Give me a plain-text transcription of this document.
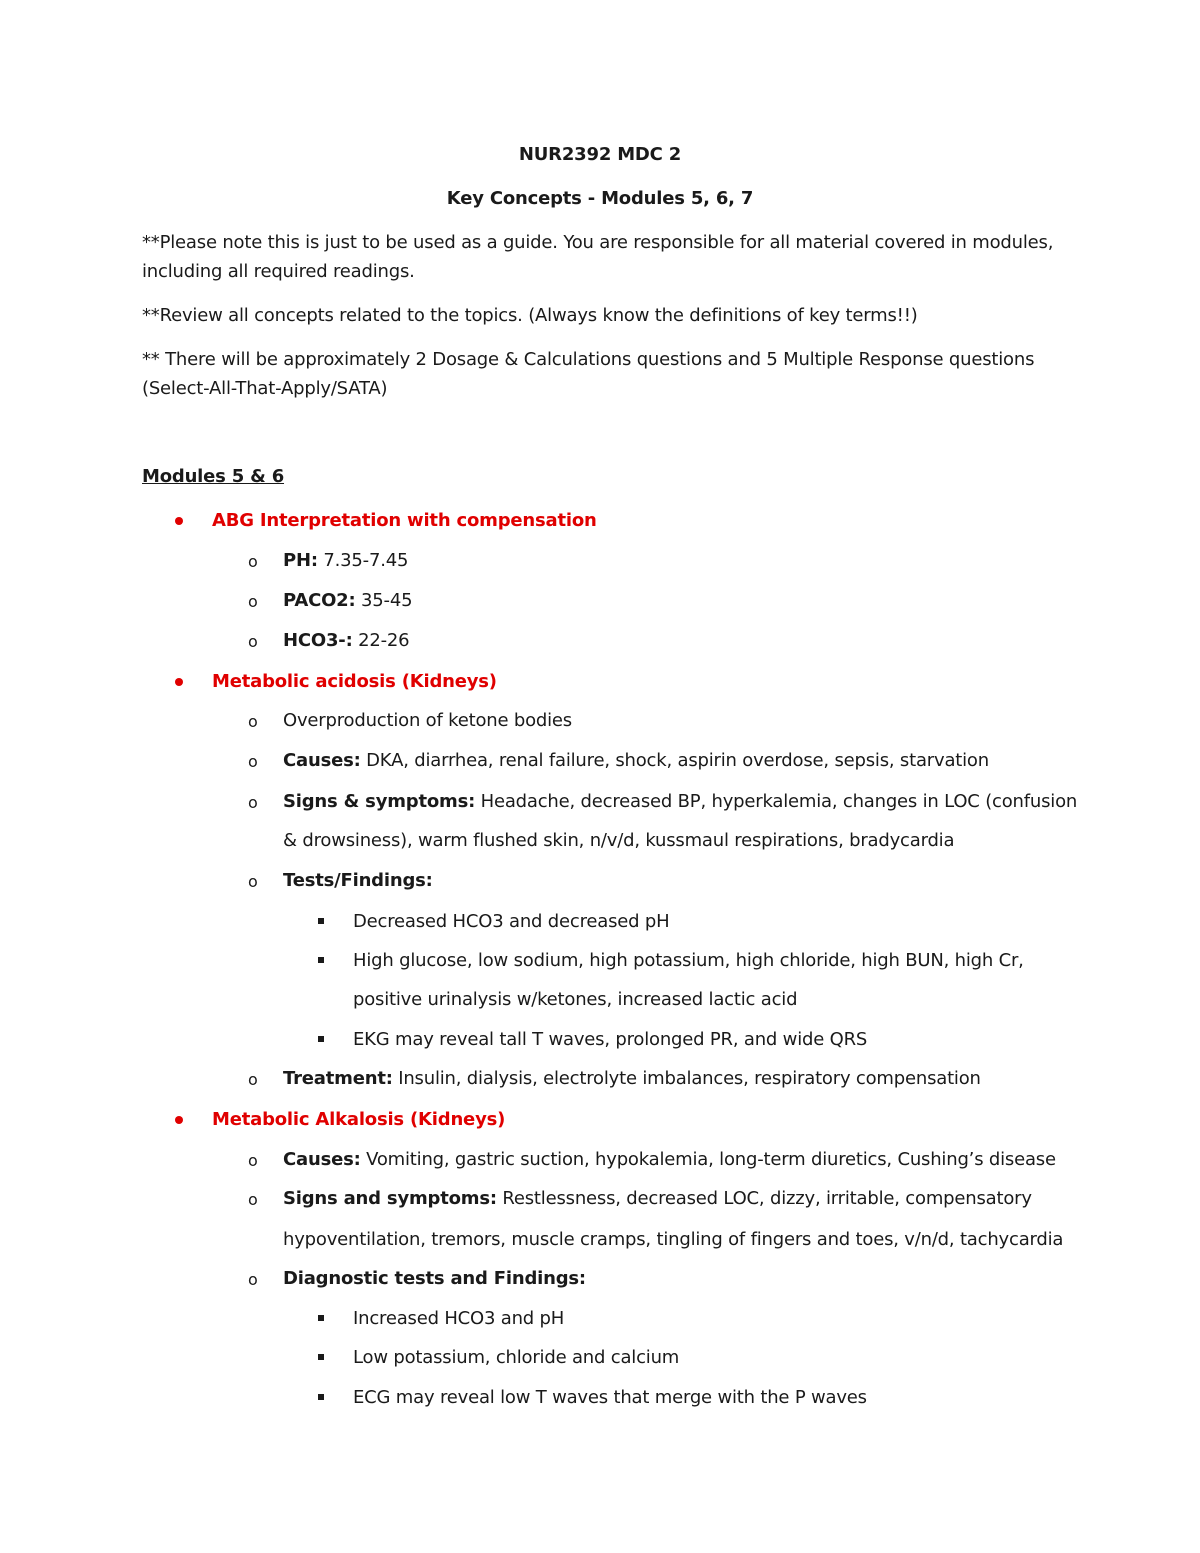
NUR2392 MDC 2
Key Concepts - Modules 5, 6, 7
**Please note this is just to be used as a guide. You are responsible for all material covered in modules,
including all required readings.
**Review all concepts related to the topics. (Always know the definitions of key terms!!)
** There will be approximately 2 Dosage & Calculations questions and 5 Multiple Response questions
(Select-All-That-Apply/SATA)
Modules 5 & 6
ABG Interpretation with compensation
o PH: 7.35-7.45
o PACO2: 35-45
o HCO3-: 22-26
Metabolic acidosis (Kidneys)
o Overproduction of ketone bodies
o Causes: DKA, diarrhea, renal failure, shock, aspirin overdose, sepsis, starvation
o Signs & symptoms: Headache, decreased BP, hyperkalemia, changes in LOC (confusion
& drowsiness), warm flushed skin, n/v/d, kussmaul respirations, bradycardia
o Tests/Findings:
Decreased HCO3 and decreased pH
High glucose, low sodium, high potassium, high chloride, high BUN, high Cr,
positive urinalysis w/ketones, increased lactic acid
EKG may reveal tall T waves, prolonged PR, and wide QRS
o Treatment: Insulin, dialysis, electrolyte imbalances, respiratory compensation
Metabolic Alkalosis (Kidneys)
o Causes: Vomiting, gastric suction, hypokalemia, long-term diuretics, Cushing’s disease
o Signs and symptoms: Restlessness, decreased LOC, dizzy, irritable, compensatory
hypoventilation, tremors, muscle cramps, tingling of fingers and toes, v/n/d, tachycardia
o Diagnostic tests and Findings:
Increased HCO3 and pH
Low potassium, chloride and calcium
ECG may reveal low T waves that merge with the P waves
